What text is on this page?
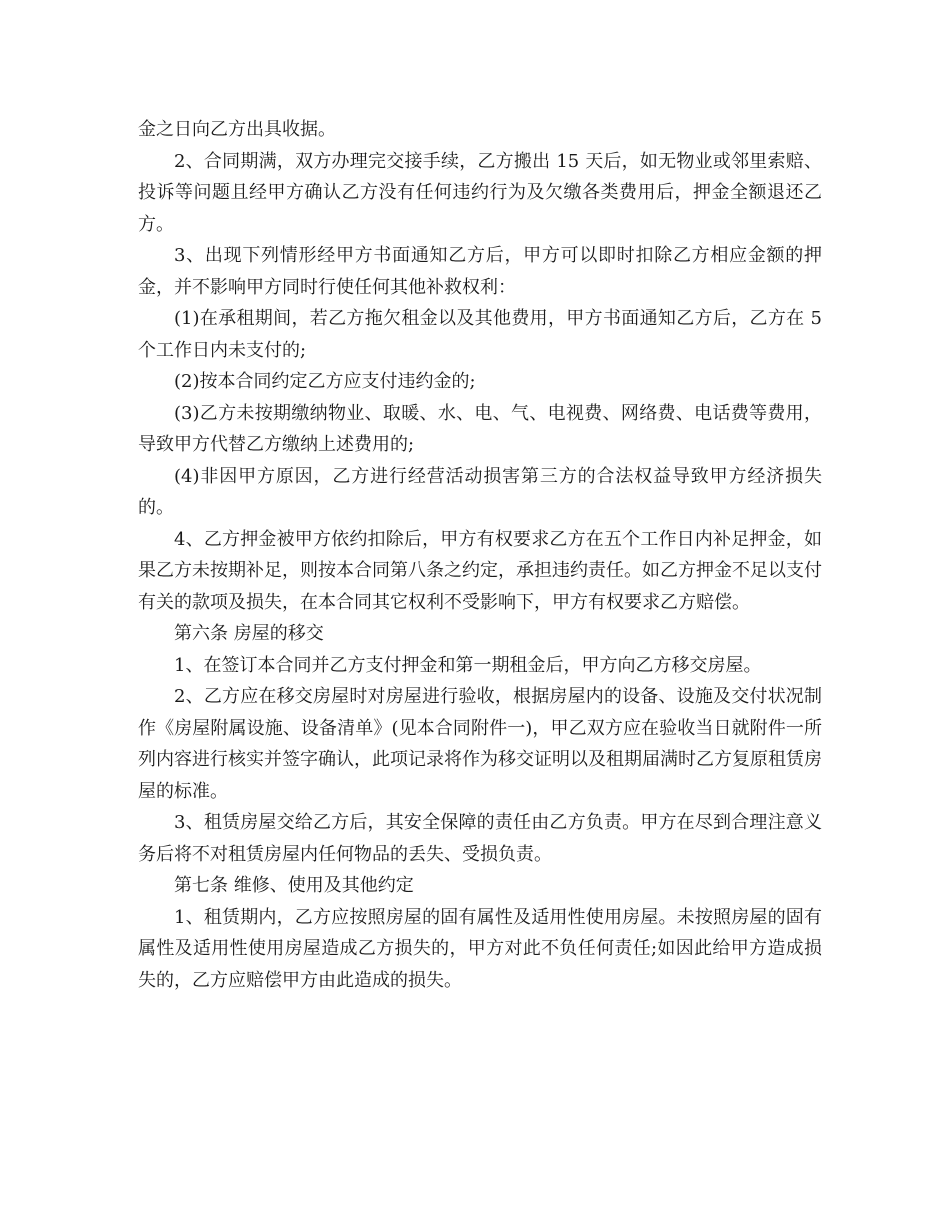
金之日向乙方出具收据。

2、合同期满，双方办理完交接手续，乙方搬出 15 天后，如无物业或邻里索赔、投诉等问题且经甲方确认乙方没有任何违约行为及欠缴各类费用后，押金全额退还乙方。

3、出现下列情形经甲方书面通知乙方后，甲方可以即时扣除乙方相应金额的押金，并不影响甲方同时行使任何其他补救权利：

(1)在承租期间，若乙方拖欠租金以及其他费用，甲方书面通知乙方后，乙方在 5 个工作日内未支付的;

(2)按本合同约定乙方应支付违约金的;

(3)乙方未按期缴纳物业、取暖、水、电、气、电视费、网络费、电话费等费用，导致甲方代替乙方缴纳上述费用的;

(4)非因甲方原因，乙方进行经营活动损害第三方的合法权益导致甲方经济损失的。

4、乙方押金被甲方依约扣除后，甲方有权要求乙方在五个工作日内补足押金，如果乙方未按期补足，则按本合同第八条之约定，承担违约责任。如乙方押金不足以支付有关的款项及损失，在本合同其它权利不受影响下，甲方有权要求乙方赔偿。

第六条 房屋的移交

1、在签订本合同并乙方支付押金和第一期租金后，甲方向乙方移交房屋。

2、乙方应在移交房屋时对房屋进行验收，根据房屋内的设备、设施及交付状况制作《房屋附属设施、设备清单》(见本合同附件一)，甲乙双方应在验收当日就附件一所列内容进行核实并签字确认，此项记录将作为移交证明以及租期届满时乙方复原租赁房屋的标准。

3、租赁房屋交给乙方后，其安全保障的责任由乙方负责。甲方在尽到合理注意义务后将不对租赁房屋内任何物品的丢失、受损负责。

第七条 维修、使用及其他约定

1、租赁期内，乙方应按照房屋的固有属性及适用性使用房屋。未按照房屋的固有属性及适用性使用房屋造成乙方损失的，甲方对此不负任何责任;如因此给甲方造成损失的，乙方应赔偿甲方由此造成的损失。
